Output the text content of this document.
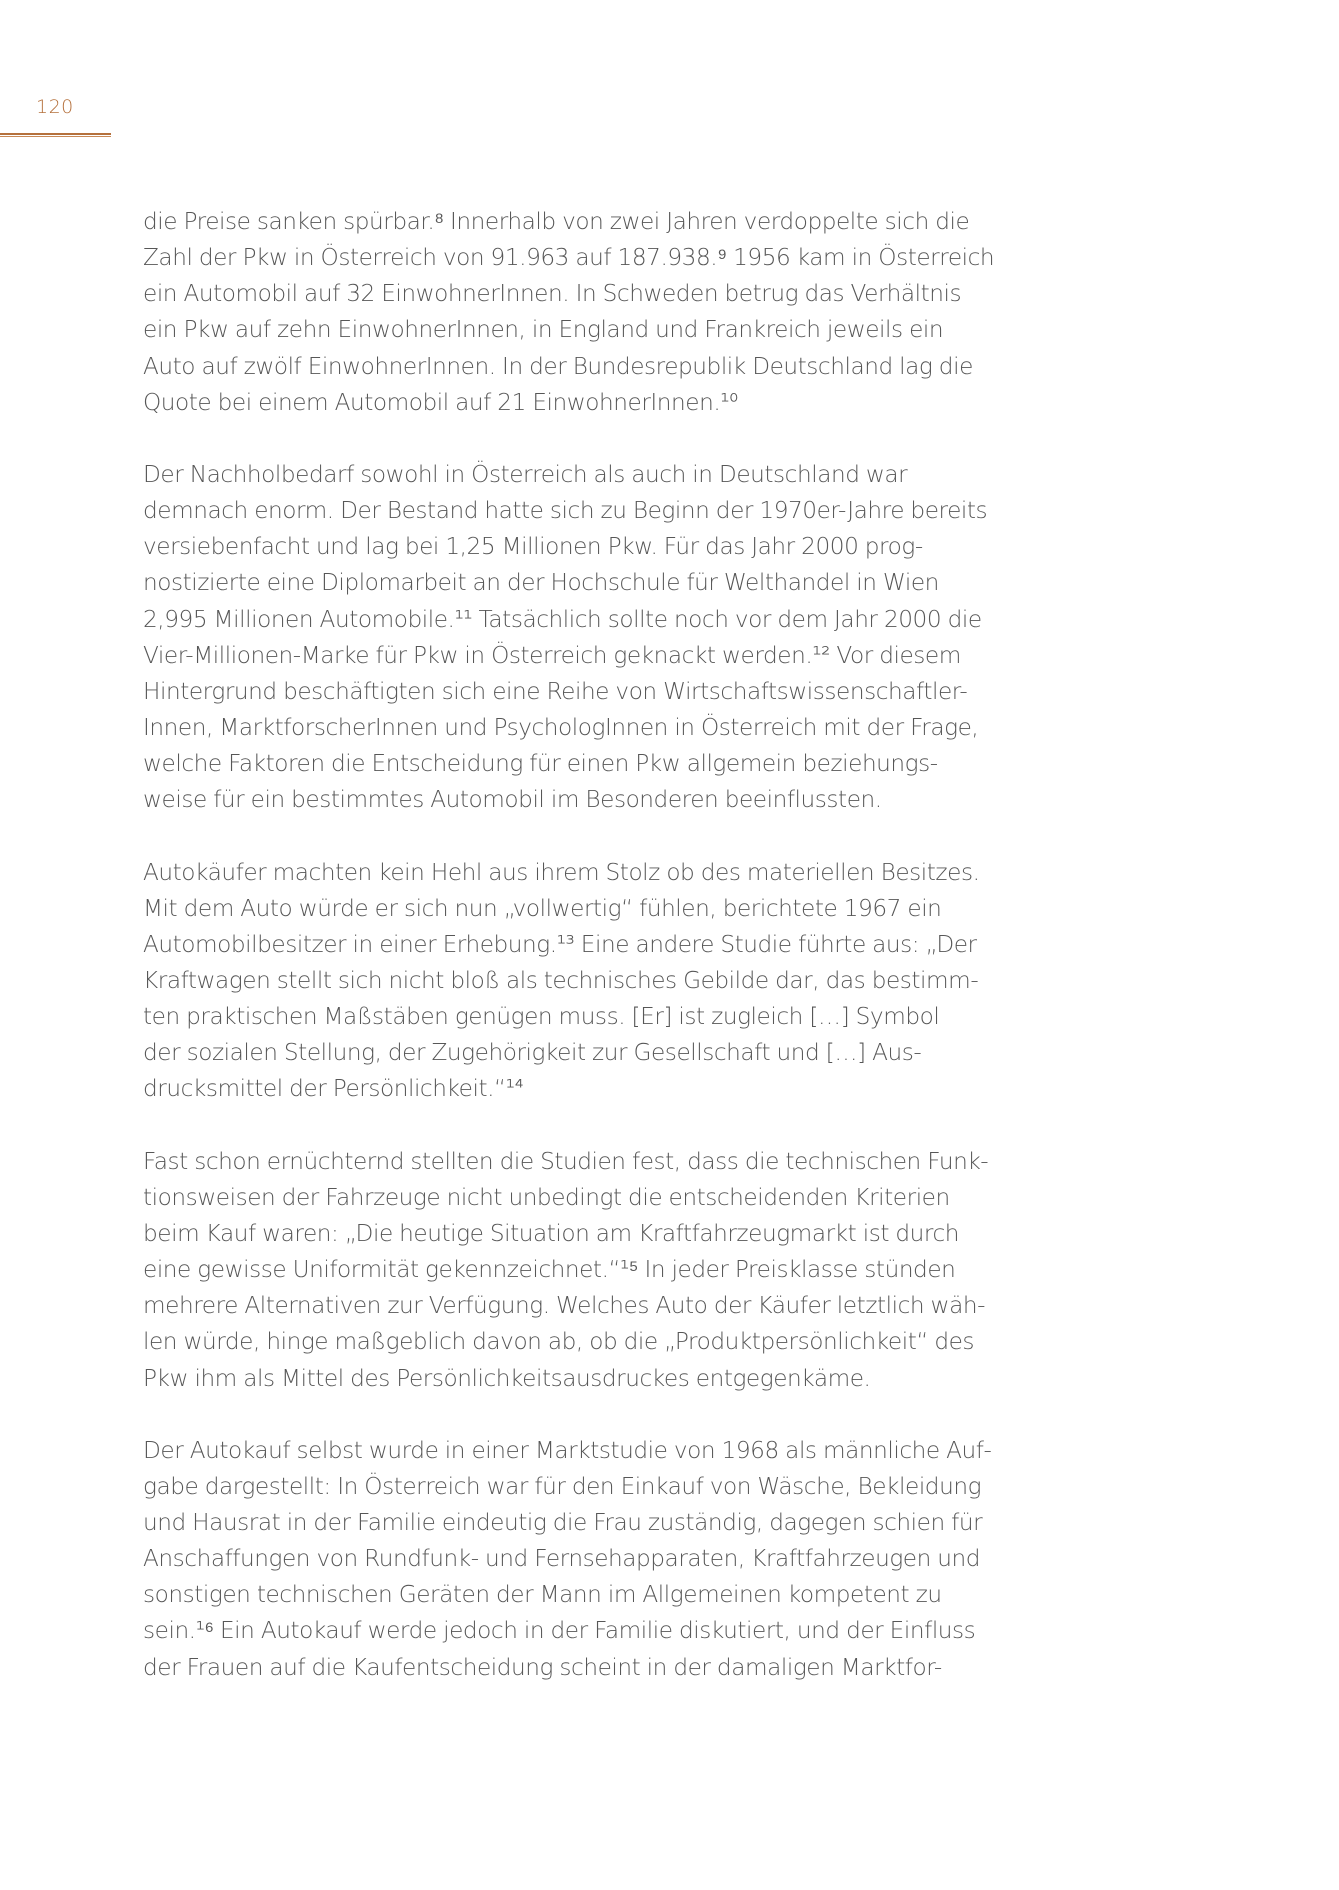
120

die Preise sanken spürbar.⁸ Innerhalb von zwei Jahren verdoppelte sich die
Zahl der Pkw in Österreich von 91.963 auf 187.938.⁹ 1956 kam in Österreich
ein Automobil auf 32 EinwohnerInnen. In Schweden betrug das Verhältnis
ein Pkw auf zehn EinwohnerInnen, in England und Frankreich jeweils ein
Auto auf zwölf EinwohnerInnen. In der Bundesrepublik Deutschland lag die
Quote bei einem Automobil auf 21 EinwohnerInnen.¹⁰

Der Nachholbedarf sowohl in Österreich als auch in Deutschland war
demnach enorm. Der Bestand hatte sich zu Beginn der 1970er-Jahre bereits
versiebenfacht und lag bei 1,25 Millionen Pkw. Für das Jahr 2000 prog-
nostizierte eine Diplomarbeit an der Hochschule für Welthandel in Wien
2,995 Millionen Automobile.¹¹ Tatsächlich sollte noch vor dem Jahr 2000 die
Vier-Millionen-Marke für Pkw in Österreich geknackt werden.¹² Vor diesem
Hintergrund beschäftigten sich eine Reihe von Wirtschaftswissenschaftler-
Innen, MarktforscherInnen und PsychologInnen in Österreich mit der Frage,
welche Faktoren die Entscheidung für einen Pkw allgemein beziehungs-
weise für ein bestimmtes Automobil im Besonderen beeinflussten.

Autokäufer machten kein Hehl aus ihrem Stolz ob des materiellen Besitzes.
Mit dem Auto würde er sich nun „vollwertig“ fühlen, berichtete 1967 ein
Automobilbesitzer in einer Erhebung.¹³ Eine andere Studie führte aus: „Der
Kraftwagen stellt sich nicht bloß als technisches Gebilde dar, das bestimm-
ten praktischen Maßstäben genügen muss. [Er] ist zugleich […] Symbol
der sozialen Stellung, der Zugehörigkeit zur Gesellschaft und […] Aus-
drucksmittel der Persönlichkeit.“¹⁴

Fast schon ernüchternd stellten die Studien fest, dass die technischen Funk-
tionsweisen der Fahrzeuge nicht unbedingt die entscheidenden Kriterien
beim Kauf waren: „Die heutige Situation am Kraftfahrzeugmarkt ist durch
eine gewisse Uniformität gekennzeichnet.“¹⁵ In jeder Preisklasse stünden
mehrere Alternativen zur Verfügung. Welches Auto der Käufer letztlich wäh-
len würde, hinge maßgeblich davon ab, ob die „Produktpersönlichkeit“ des
Pkw ihm als Mittel des Persönlichkeitsausdruckes entgegenkäme.

Der Autokauf selbst wurde in einer Marktstudie von 1968 als männliche Auf-
gabe dargestellt: In Österreich war für den Einkauf von Wäsche, Bekleidung
und Hausrat in der Familie eindeutig die Frau zuständig, dagegen schien für
Anschaffungen von Rundfunk- und Fernsehapparaten, Kraftfahrzeugen und
sonstigen technischen Geräten der Mann im Allgemeinen kompetent zu
sein.¹⁶ Ein Autokauf werde jedoch in der Familie diskutiert, und der Einfluss
der Frauen auf die Kaufentscheidung scheint in der damaligen Marktfor-
